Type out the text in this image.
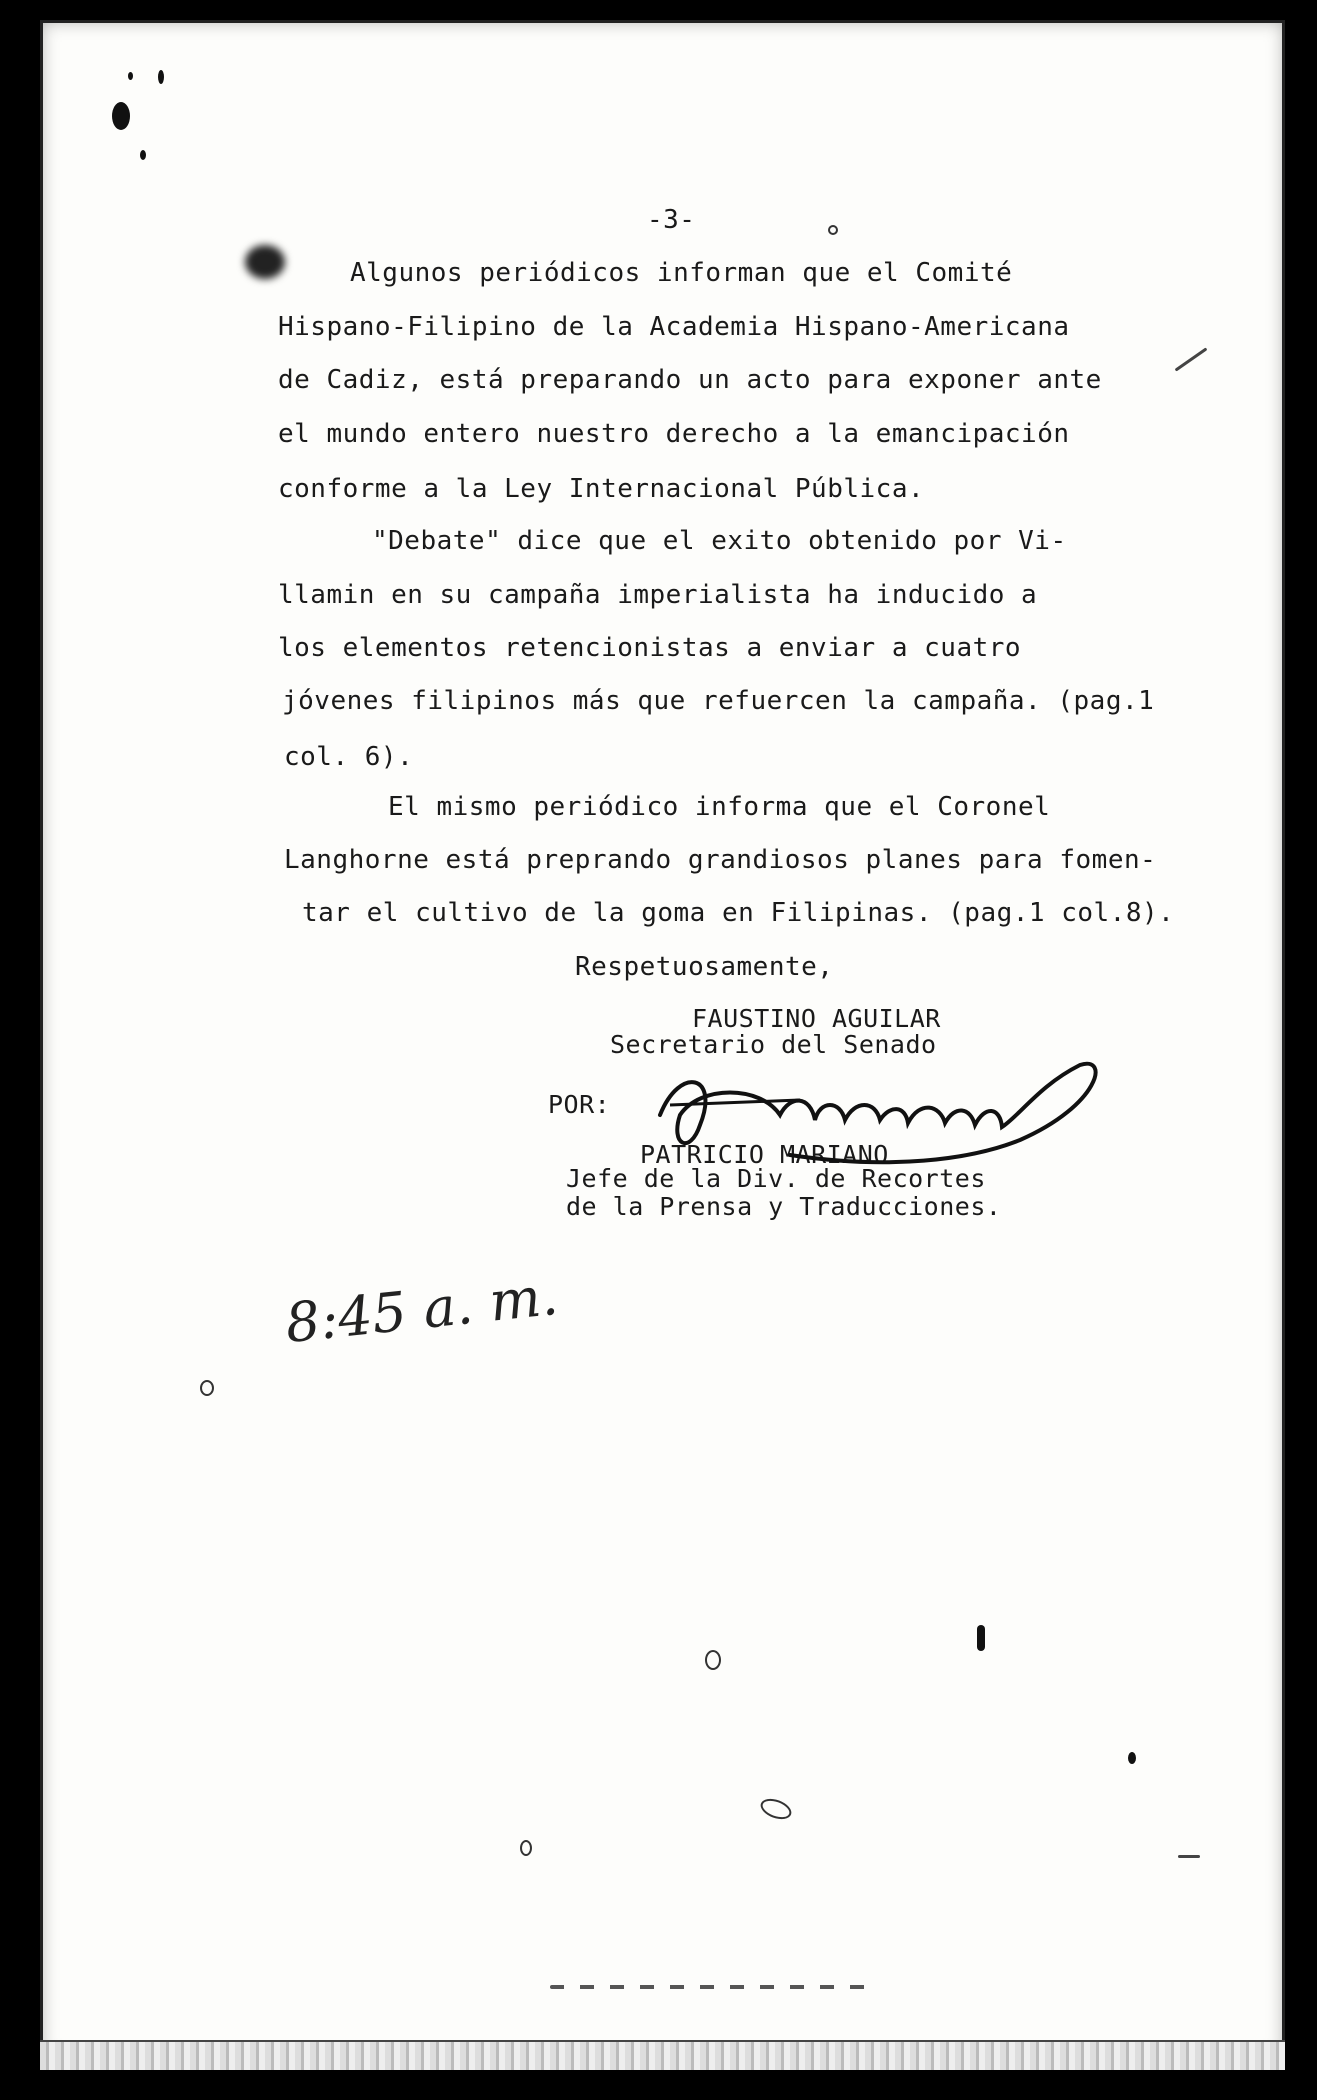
-3-
Algunos periódicos informan que el Comité
Hispano-Filipino de la Academia Hispano-Americana
de Cadiz, está preparando un acto para exponer ante
el mundo entero nuestro derecho a la emancipación
conforme a la Ley Internacional Pública.
"Debate" dice que el exito obtenido por Vi-
llamin en su campaña imperialista ha inducido a
los elementos retencionistas a enviar a cuatro
jóvenes filipinos más que refuercen la campaña. (pag.1
col. 6).
El mismo periódico informa que el Coronel
Langhorne está preprando grandiosos planes para fomen-
tar el cultivo de la goma en Filipinas. (pag.1 col.8).
Respetuosamente,
FAUSTINO AGUILAR
Secretario del Senado
POR:
PATRICIO MARIANO
Jefe de la Div. de Recortes
de la Prensa y Traducciones.
8:45 a. m.
